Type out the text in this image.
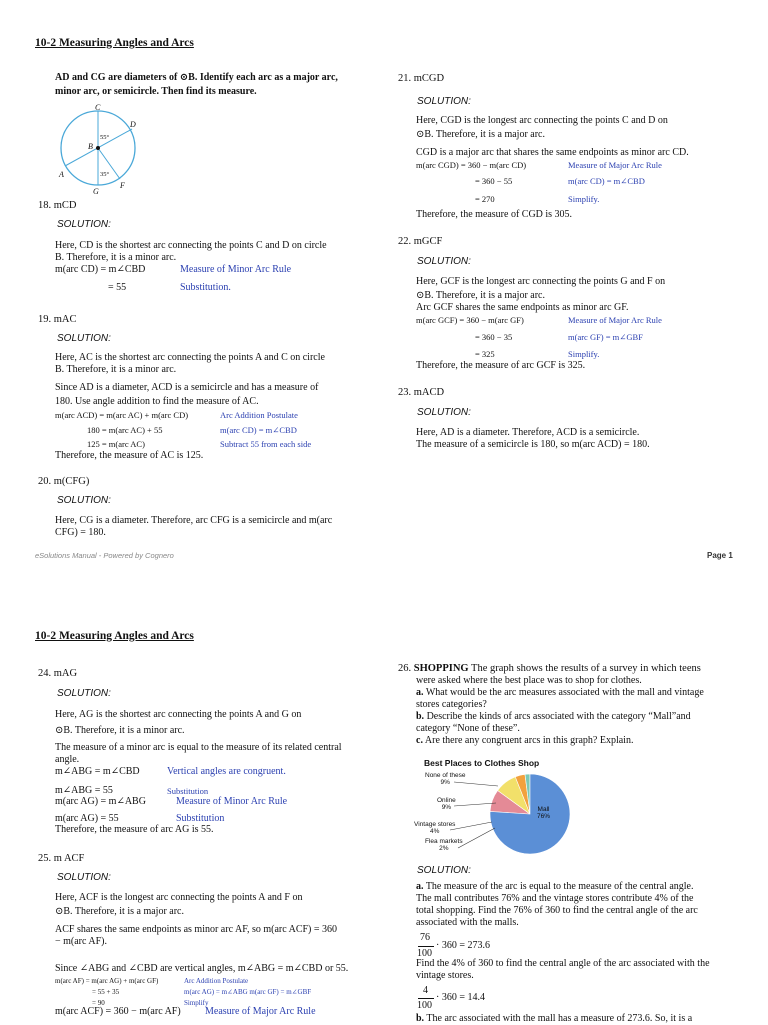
10-2 Measuring Angles and Arcs
AD and CG are diameters of ⊙B. Identify each arc as a major arc,
minor arc, or semicircle. Then find its measure.
C
D
B
A
G
F
55°
35°
18. mCD
SOLUTION:
Here, CD is the shortest arc connecting the points C and D on circle
B. Therefore, it is a minor arc.
m(arc CD) = m∠CBD	Measure of Minor Arc Rule
= 55	Substitution.
19. mAC
SOLUTION:
Here, AC is the shortest arc connecting the points A and C on circle
B. Therefore, it is a minor arc.
Since AD is a diameter, ACD is a semicircle and has a measure of
180. Use angle addition to find the measure of AC.
m(arc ACD) = m(arc AC) + m(arc CD)	Arc Addition Postulate
180 = m(arc AC) + 55	m(arc CD) = m∠CBD
125 = m(arc AC)	Subtract 55 from each side
Therefore, the measure of AC is 125.
20. m(CFG)
SOLUTION:
Here, CG is a diameter. Therefore, arc CFG is a semicircle and m(arc
CFG) = 180.
21. mCGD
SOLUTION:
Here, CGD is the longest arc connecting the points C and D on
⊙B. Therefore, it is a major arc.
CGD is a major arc that shares the same endpoints as minor arc CD.
m(arc CGD) = 360 − m(arc CD)	Measure of Major Arc Rule
= 360 − 55	m(arc CD) = m∠CBD
= 270	Simplify.
Therefore, the measure of CGD is 305.
22. mGCF
SOLUTION:
Here, GCF is the longest arc connecting the points G and F on
⊙B. Therefore, it is a major arc.
Arc GCF shares the same endpoints as minor arc GF.
m(arc GCF) = 360 − m(arc GF)	Measure of Major Arc Rule
= 360 − 35	m(arc GF) = m∠GBF
= 325	Simplify.
Therefore, the measure of arc GCF is 325.
23. mACD
SOLUTION:
Here, AD is a diameter. Therefore, ACD is a semicircle.
The measure of a semicircle is 180, so m(arc ACD) = 180.
eSolutions Manual - Powered by Cognero	Page 1
10-2 Measuring Angles and Arcs
24. mAG
SOLUTION:
Here, AG is the shortest arc connecting the points A and G on
⊙B. Therefore, it is a minor arc.
The measure of a minor arc is equal to the measure of its related central
angle.
m∠ABG = m∠CBD	Vertical angles are congruent.
m∠ABG = 55	Substitution
m(arc AG) = m∠ABG	Measure of Minor Arc Rule
m(arc AG) = 55	Substitution
Therefore, the measure of arc AG is 55.
25. m ACF
SOLUTION:
Here, ACF is the longest arc connecting the points A and F on
⊙B. Therefore, it is a major arc.
ACF shares the same endpoints as minor arc AF, so m(arc ACF) = 360
− m(arc AF).
Since ∠ABG and ∠CBD are vertical angles, m∠ABG = m∠CBD or 55.
m(arc AF) = m(arc AG) + m(arc GF)	Arc Addition Postulate
= 55 + 35	m(arc AG) = m∠ABG m(arc GF) = m∠GBF
= 90	Simplify
m(arc ACF) = 360 − m(arc AF) Measure of Major Arc Rule
26. SHOPPING The graph shows the results of a survey in which teens
were asked where the best place was to shop for clothes.
a. What would be the arc measures associated with the mall and vintage
stores categories?
b. Describe the kinds of arcs associated with the category “Mall”and
category “None of these”.
c. Are there any congruent arcs in this graph? Explain.
Best Places to Clothes Shop
None of these
9%
Online
9%
Vintage stores
4%
Flea markets
2%
Mall
76%
SOLUTION:
a. The measure of the arc is equal to the measure of the central angle.
The mall contributes 76% and the vintage stores contribute 4% of the
total shopping. Find the 76% of 360 to find the central angle of the arc
associated with the malls.
76
100
· 360 = 273.6
Find the 4% of 360 to find the central angle of the arc associated with the
vintage stores.
4
100
· 360 = 14.4
b. The arc associated with the mall has a measure of 273.6. So, it is a
